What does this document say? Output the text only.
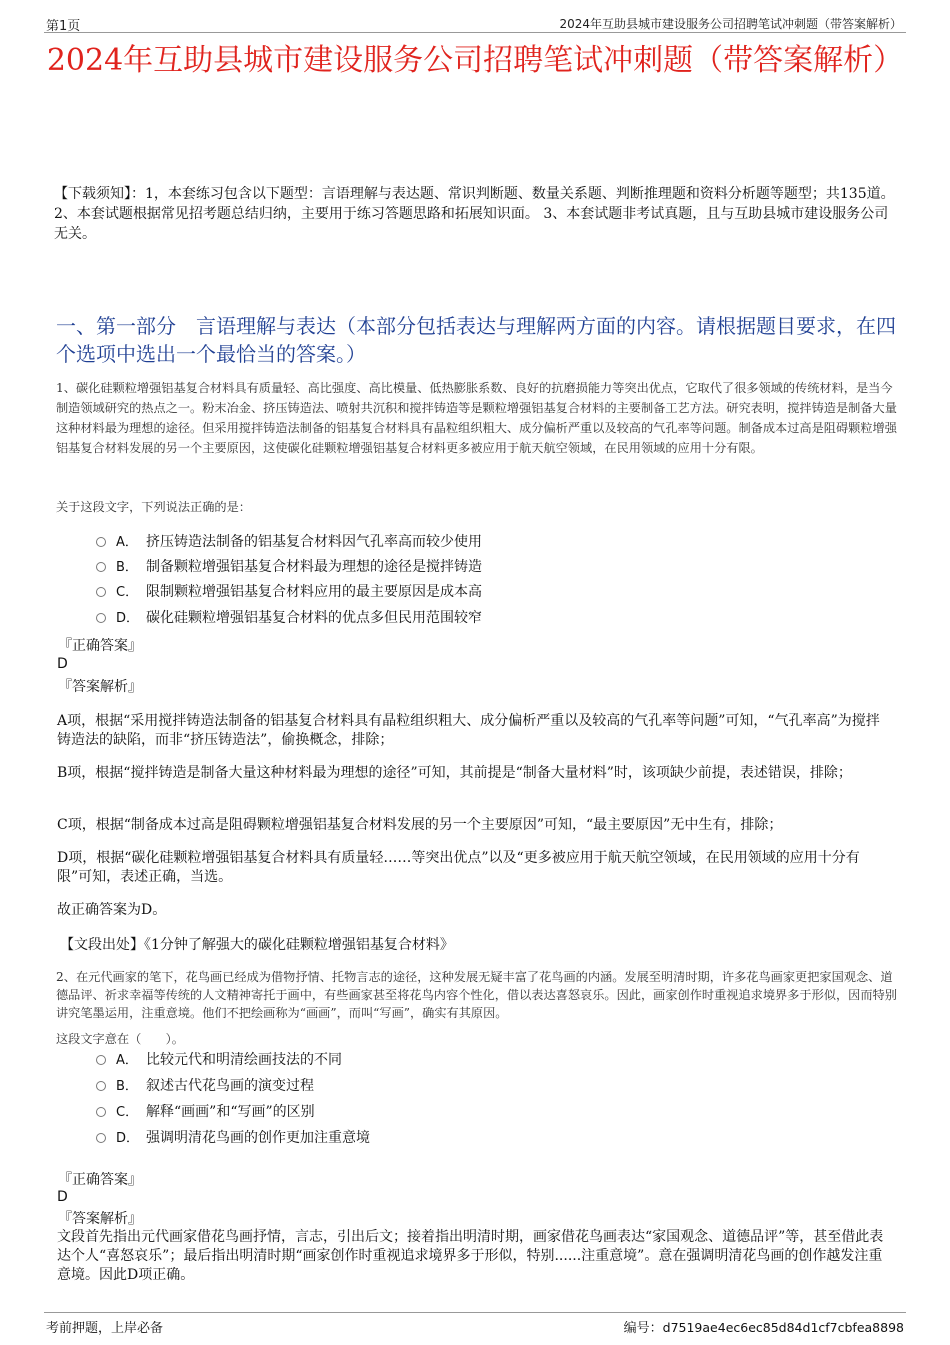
第1页	2024年互助县城市建设服务公司招聘笔试冲刺题（带答案解析）
2024年互助县城市建设服务公司招聘笔试冲刺题（带答案解析）
【下载须知】：1，本套练习包含以下题型：言语理解与表达题、常识判断题、数量关系题、判断推理题和资料分析题等题型；共135道。 2、本套试题根据常见招考题总结归纳，主要用于练习答题思路和拓展知识面。 3、本套试题非考试真题，且与互助县城市建设服务公司无关。
一、第一部分　言语理解与表达（本部分包括表达与理解两方面的内容。请根据题目要求，在四个选项中选出一个最恰当的答案。）
1、碳化硅颗粒增强铝基复合材料具有质量轻、高比强度、高比模量、低热膨胀系数、良好的抗磨损能力等突出优点，它取代了很多领域的传统材料，是当今制造领域研究的热点之一。粉末冶金、挤压铸造法、喷射共沉积和搅拌铸造等是颗粒增强铝基复合材料的主要制备工艺方法。研究表明，搅拌铸造是制备大量这种材料最为理想的途径。但采用搅拌铸造法制备的铝基复合材料具有晶粒组织粗大、成分偏析严重以及较高的气孔率等问题。制备成本过高是阻碍颗粒增强铝基复合材料发展的另一个主要原因，这使碳化硅颗粒增强铝基复合材料更多被应用于航天航空领域，在民用领域的应用十分有限。
关于这段文字，下列说法正确的是：
A． 挤压铸造法制备的铝基复合材料因气孔率高而较少使用
B． 制备颗粒增强铝基复合材料最为理想的途径是搅拌铸造
C． 限制颗粒增强铝基复合材料应用的最主要原因是成本高
D． 碳化硅颗粒增强铝基复合材料的优点多但民用范围较窄
『正确答案』
D
『答案解析』
A项，根据“采用搅拌铸造法制备的铝基复合材料具有晶粒组织粗大、成分偏析严重以及较高的气孔率等问题”可知，“气孔率高”为搅拌铸造法的缺陷，而非“挤压铸造法”，偷换概念，排除；
B项，根据“搅拌铸造是制备大量这种材料最为理想的途径”可知，其前提是“制备大量材料”时，该项缺少前提，表述错误，排除；
C项，根据“制备成本过高是阻碍颗粒增强铝基复合材料发展的另一个主要原因”可知，“最主要原因”无中生有，排除；
D项，根据“碳化硅颗粒增强铝基复合材料具有质量轻……等突出优点”以及“更多被应用于航天航空领域，在民用领域的应用十分有限”可知，表述正确，当选。
故正确答案为D。
【文段出处】《1分钟了解强大的碳化硅颗粒增强铝基复合材料》
2、在元代画家的笔下，花鸟画已经成为借物抒情、托物言志的途径，这种发展无疑丰富了花鸟画的内涵。发展至明清时期，许多花鸟画家更把家国观念、道德品评、祈求幸福等传统的人文精神寄托于画中，有些画家甚至将花鸟内容个性化，借以表达喜怒哀乐。因此，画家创作时重视追求境界多于形似，因而特别讲究笔墨运用，注重意境。他们不把绘画称为“画画”，而叫“写画”，确实有其原因。
这段文字意在（　　）。
A． 比较元代和明清绘画技法的不同
B． 叙述古代花鸟画的演变过程
C． 解释“画画”和“写画”的区别
D． 强调明清花鸟画的创作更加注重意境
『正确答案』
D
『答案解析』
文段首先指出元代画家借花鸟画抒情，言志，引出后文；接着指出明清时期，画家借花鸟画表达“家国观念、道德品评”等，甚至借此表达个人“喜怒哀乐”；最后指出明清时期“画家创作时重视追求境界多于形似，特别......注重意境”。意在强调明清花鸟画的创作越发注重意境。因此D项正确。
考前押题，上岸必备	编号：d7519ae4ec6ec85d84d1cf7cbfea8898
